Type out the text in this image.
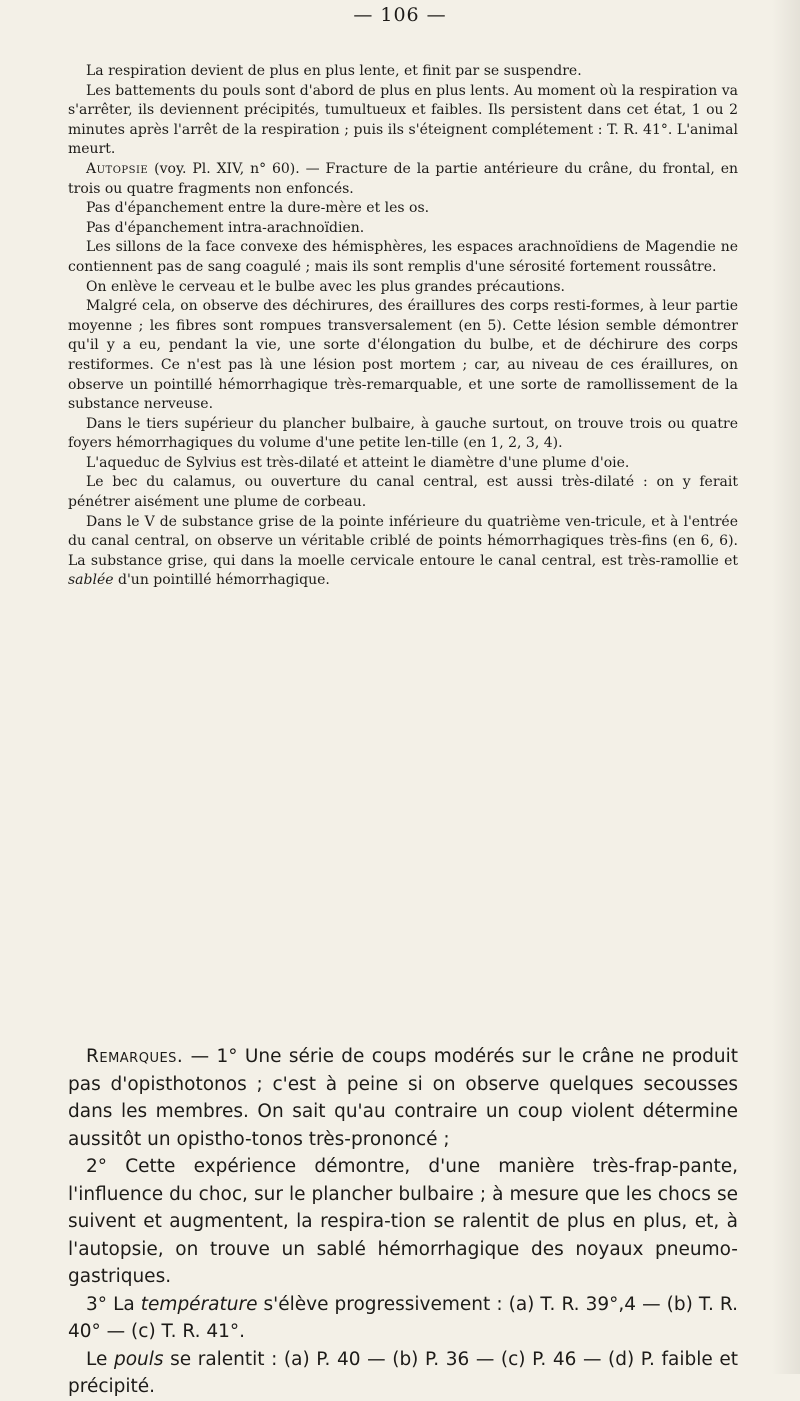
— 106 —

La respiration devient de plus en plus lente, et finit par se suspendre.

Les battements du pouls sont d'abord de plus en plus lents. Au moment où la respiration va s'arrêter, ils deviennent précipités, tumultueux et faibles. Ils persistent dans cet état, 1 ou 2 minutes après l'arrêt de la respiration ; puis ils s'éteignent complétement : T. R. 41°. L'animal meurt.

Autopsie (voy. Pl. XIV, n° 60). — Fracture de la partie antérieure du crâne, du frontal, en trois ou quatre fragments non enfoncés.

Pas d'épanchement entre la dure-mère et les os.

Pas d'épanchement intra-arachnoïdien.

Les sillons de la face convexe des hémisphères, les espaces arachnoïdiens de Magendie ne contiennent pas de sang coagulé ; mais ils sont remplis d'une sérosité fortement roussâtre.

On enlève le cerveau et le bulbe avec les plus grandes précautions.

Malgré cela, on observe des déchirures, des éraillures des corps resti-formes, à leur partie moyenne ; les fibres sont rompues transversalement (en 5). Cette lésion semble démontrer qu'il y a eu, pendant la vie, une sorte d'élongation du bulbe, et de déchirure des corps restiformes. Ce n'est pas là une lésion post mortem ; car, au niveau de ces éraillures, on observe un pointillé hémorrhagique très-remarquable, et une sorte de ramollissement de la substance nerveuse.

Dans le tiers supérieur du plancher bulbaire, à gauche surtout, on trouve trois ou quatre foyers hémorrhagiques du volume d'une petite len-tille (en 1, 2, 3, 4).

L'aqueduc de Sylvius est très-dilaté et atteint le diamètre d'une plume d'oie.

Le bec du calamus, ou ouverture du canal central, est aussi très-dilaté : on y ferait pénétrer aisément une plume de corbeau.

Dans le V de substance grise de la pointe inférieure du quatrième ven-tricule, et à l'entrée du canal central, on observe un véritable criblé de points hémorrhagiques très-fins (en 6, 6). La substance grise, qui dans la moelle cervicale entoure le canal central, est très-ramollie et sablée d'un pointillé hémorrhagique.

Remarques. — 1° Une série de coups modérés sur le crâne ne produit pas d'opisthotonos ; c'est à peine si on observe quelques secousses dans les membres. On sait qu'au contraire un coup violent détermine aussitôt un opistho-tonos très-prononcé ;

2° Cette expérience démontre, d'une manière très-frap-pante, l'influence du choc, sur le plancher bulbaire ; à mesure que les chocs se suivent et augmentent, la respira-tion se ralentit de plus en plus, et, à l'autopsie, on trouve un sablé hémorrhagique des noyaux pneumo-gastriques.

3° La température s'élève progressivement : (a) T. R. 39°,4 — (b) T. R. 40° — (c) T. R. 41°.

Le pouls se ralentit : (a) P. 40 — (b) P. 36 — (c) P. 46 — (d) P. faible et précipité.
